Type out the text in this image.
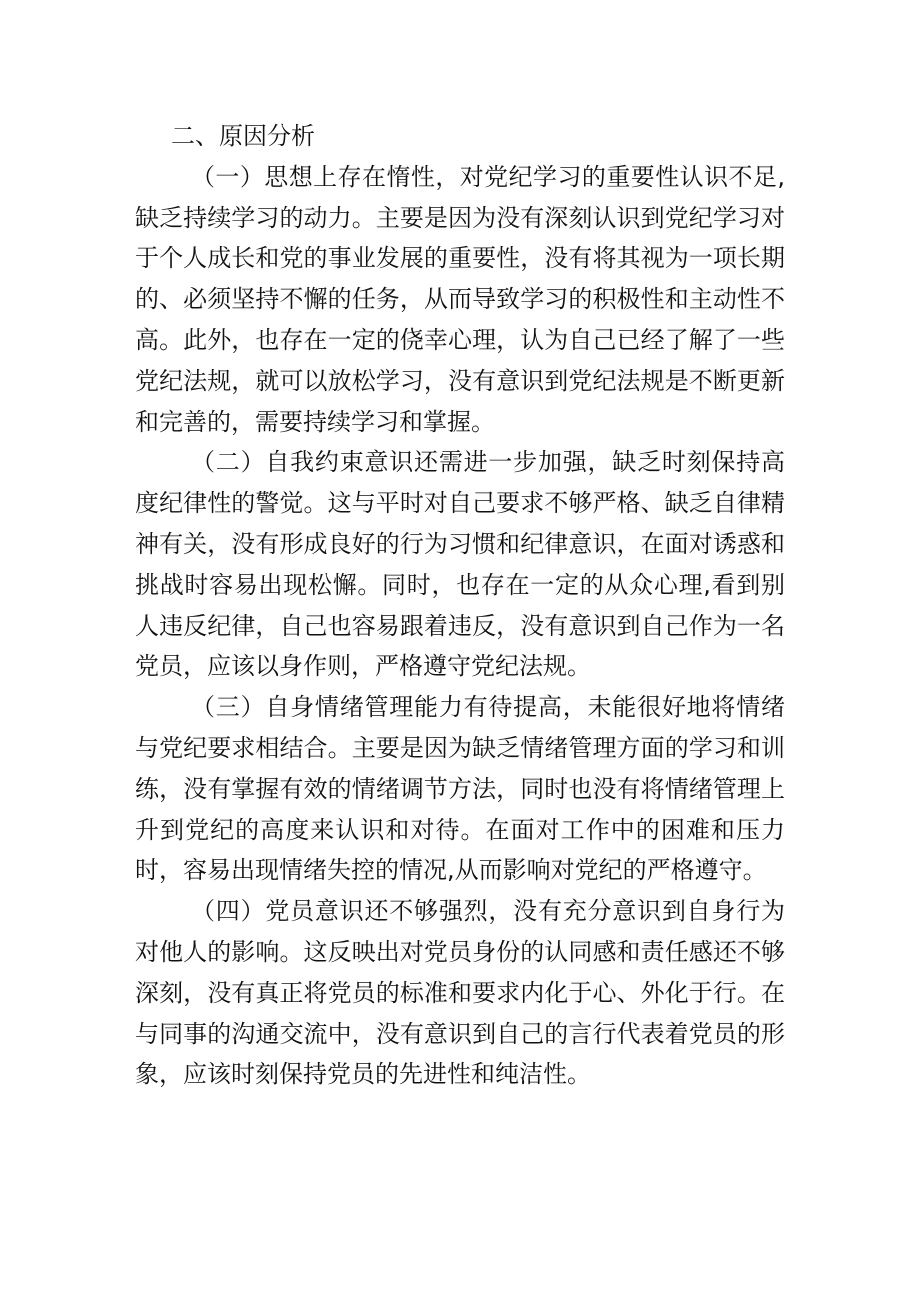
二、原因分析

（一）思想上存在惰性，对党纪学习的重要性认识不足,缺乏持续学习的动力。主要是因为没有深刻认识到党纪学习对于个人成长和党的事业发展的重要性，没有将其视为一项长期的、必须坚持不懈的任务，从而导致学习的积极性和主动性不高。此外，也存在一定的侥幸心理，认为自己已经了解了一些党纪法规，就可以放松学习，没有意识到党纪法规是不断更新和完善的，需要持续学习和掌握。

（二）自我约束意识还需进一步加强，缺乏时刻保持高度纪律性的警觉。这与平时对自己要求不够严格、缺乏自律精神有关，没有形成良好的行为习惯和纪律意识，在面对诱惑和挑战时容易出现松懈。同时，也存在一定的从众心理,看到别人违反纪律，自己也容易跟着违反，没有意识到自己作为一名党员，应该以身作则，严格遵守党纪法规。

（三）自身情绪管理能力有待提高，未能很好地将情绪与党纪要求相结合。主要是因为缺乏情绪管理方面的学习和训练，没有掌握有效的情绪调节方法，同时也没有将情绪管理上升到党纪的高度来认识和对待。在面对工作中的困难和压力时，容易出现情绪失控的情况,从而影响对党纪的严格遵守。

（四）党员意识还不够强烈，没有充分意识到自身行为对他人的影响。这反映出对党员身份的认同感和责任感还不够深刻，没有真正将党员的标准和要求内化于心、外化于行。在与同事的沟通交流中，没有意识到自己的言行代表着党员的形象，应该时刻保持党员的先进性和纯洁性。
